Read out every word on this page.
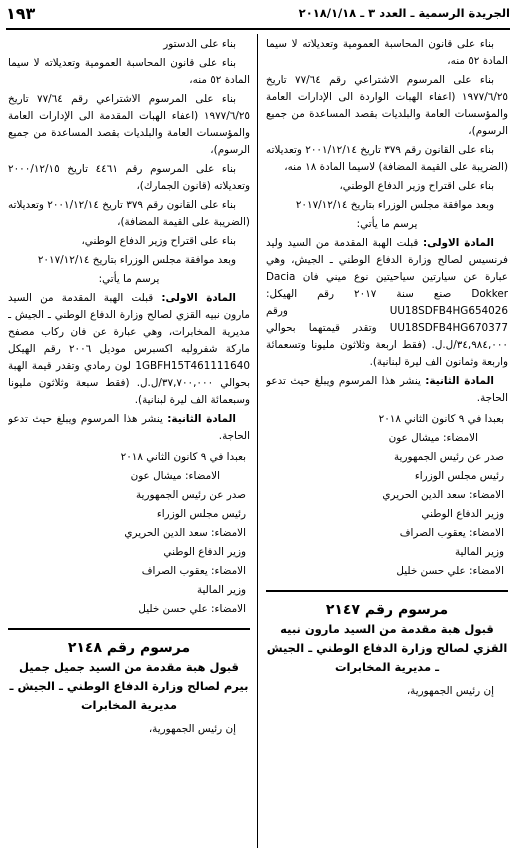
الجريدة الرسمية ـ العدد ٣ ـ ٢٠١٨/١/١٨
١٩٣

بناء على قانون المحاسبة العمومية وتعديلاته لا سيما المادة ٥٢ منه،

بناء على المرسوم الاشتراعي رقم ٧٧/٦٤ تاريخ ١٩٧٧/٦/٢٥ (اعفاء الهبات الواردة الى الإدارات العامة والمؤسسات العامة والبلديات بقصد المساعدة من جميع الرسوم)،

بناء على القانون رقم ٣٧٩ تاريخ ٢٠٠١/١٢/١٤ وتعديلاته (الضريبة على القيمة المضافة) لاسيما المادة ١٨ منه،

بناء على اقتراح وزير الدفاع الوطني،

وبعد موافقة مجلس الوزراء بتاريخ ٢٠١٧/١٢/١٤

يرسم ما يأتي:

المادة الاولى: قبلت الهبة المقدمة من السيد وليد فرنسيس لصالح وزارة الدفاع الوطني ـ الجيش، وهي عبارة عن سيارتين سياحيتين نوع ميني فان Dacia Dokker صنع سنة ٢٠١٧ رقم الهيكل: UU18SDFB4HG654026 ورقم UU18SDFB4HG670377 وتقدر قيمتهما بحوالي ٣٤,٩٨٤,٠٠٠/ل.ل. (فقط اربعة وثلاثون مليونا وتسعمائة واربعة وثمانون الف ليرة لبنانية).

المادة الثانية: ينشر هذا المرسوم ويبلغ حيث تدعو الحاجة.

بعبدا في ٩ كانون الثاني ٢٠١٨

الامضاء: ميشال عون

صدر عن رئيس الجمهورية

رئيس مجلس الوزراء

الامضاء: سعد الدين الحريري

وزير الدفاع الوطني

الامضاء: يعقوب الصراف

وزير المالية

الامضاء: علي حسن خليل

مرسوم رقم ٢١٤٧
قبول هبة مقدمة من السيد مارون نبيه القزي لصالح وزارة الدفاع الوطني ـ الجيش ـ مديرية المخابرات

إن رئيس الجمهورية،

بناء على الدستور

بناء على قانون المحاسبة العمومية وتعديلاته لا سيما المادة ٥٢ منه،

بناء على المرسوم الاشتراعي رقم ٧٧/٦٤ تاريخ ١٩٧٧/٦/٢٥ (اعفاء الهبات المقدمة الى الإدارات العامة والمؤسسات العامة والبلديات بقصد المساعدة من جميع الرسوم)،

بناء على المرسوم رقم ٤٤٦١ تاريخ ٢٠٠٠/١٢/١٥ وتعديلاته (قانون الجمارك)،

بناء على القانون رقم ٣٧٩ تاريخ ٢٠٠١/١٢/١٤ وتعديلاته (الضريبة على القيمة المضافة)،

بناء على اقتراح وزير الدفاع الوطني،

وبعد موافقة مجلس الوزراء بتاريخ ٢٠١٧/١٢/١٤

يرسم ما يأتي:

المادة الاولى: قبلت الهبة المقدمة من السيد مارون نبيه القزي لصالح وزارة الدفاع الوطني ـ الجيش ـ مديرية المخابرات، وهي عبارة عن فان ركاب مصفح ماركة شفروليه اكسبرس موديل ٢٠٠٦ رقم الهيكل 1GBFH15T461111640 لون رمادي وتقدر قيمة الهبة بحوالي ٣٧,٧٠٠,٠٠٠/ل.ل. (فقط سبعة وثلاثون مليونا وسبعمائة الف ليرة لبنانية).

المادة الثانية: ينشر هذا المرسوم ويبلغ حيث تدعو الحاجة.

بعبدا في ٩ كانون الثاني ٢٠١٨

الامضاء: ميشال عون

صدر عن رئيس الجمهورية

رئيس مجلس الوزراء

الامضاء: سعد الدين الحريري

وزير الدفاع الوطني

الامضاء: يعقوب الصراف

وزير المالية

الامضاء: علي حسن خليل

مرسوم رقم ٢١٤٨
قبول هبة مقدمة من السيد جميل جميل بيرم لصالح وزارة الدفاع الوطني ـ الجيش ـ مديرية المخابرات

إن رئيس الجمهورية،
